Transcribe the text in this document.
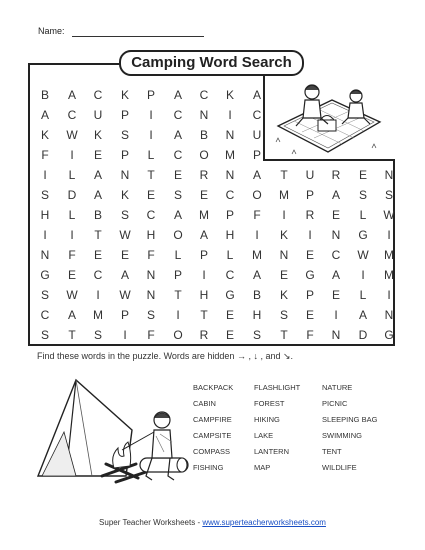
Name:
Camping Word Search
B	A	C	K	P	A	C	K	A
A	C	U	P	I	C	N	I	C
K	W	K	S	I	A	B	N	U
F	I	E	P	L	C	O	M	P
I	L	A	N	T	E	R	N	A	T	U	R	E	N
S	D	A	K	E	S	E	C	O	M	P	A	S	S
H	L	B	S	C	A	M	P	F	I	R	E	L	W
I	I	T	W	H	O	A	H	I	K	I	N	G	I
N	F	E	E	F	L	P	L	M	N	E	C	W	M
G	E	C	A	N	P	I	C	A	E	G	A	I	M
S	W	I	W	N	T	H	G	B	K	P	E	L	I
C	A	M	P	S	I	T	E	H	S	E	I	A	N
S	T	S	I	F	O	R	E	S	T	F	N	D	G
Find these words in the puzzle. Words are hidden → , ↓ , and ↘.
BACKPACK	FLASHLIGHT	NATURE
CABIN	FOREST	PICNIC
CAMPFIRE	HIKING	SLEEPING BAG
CAMPSITE	LAKE	SWIMMING
COMPASS	LANTERN	TENT
FISHING	MAP	WILDLIFE
Super Teacher Worksheets - www.superteacherworksheets.com
